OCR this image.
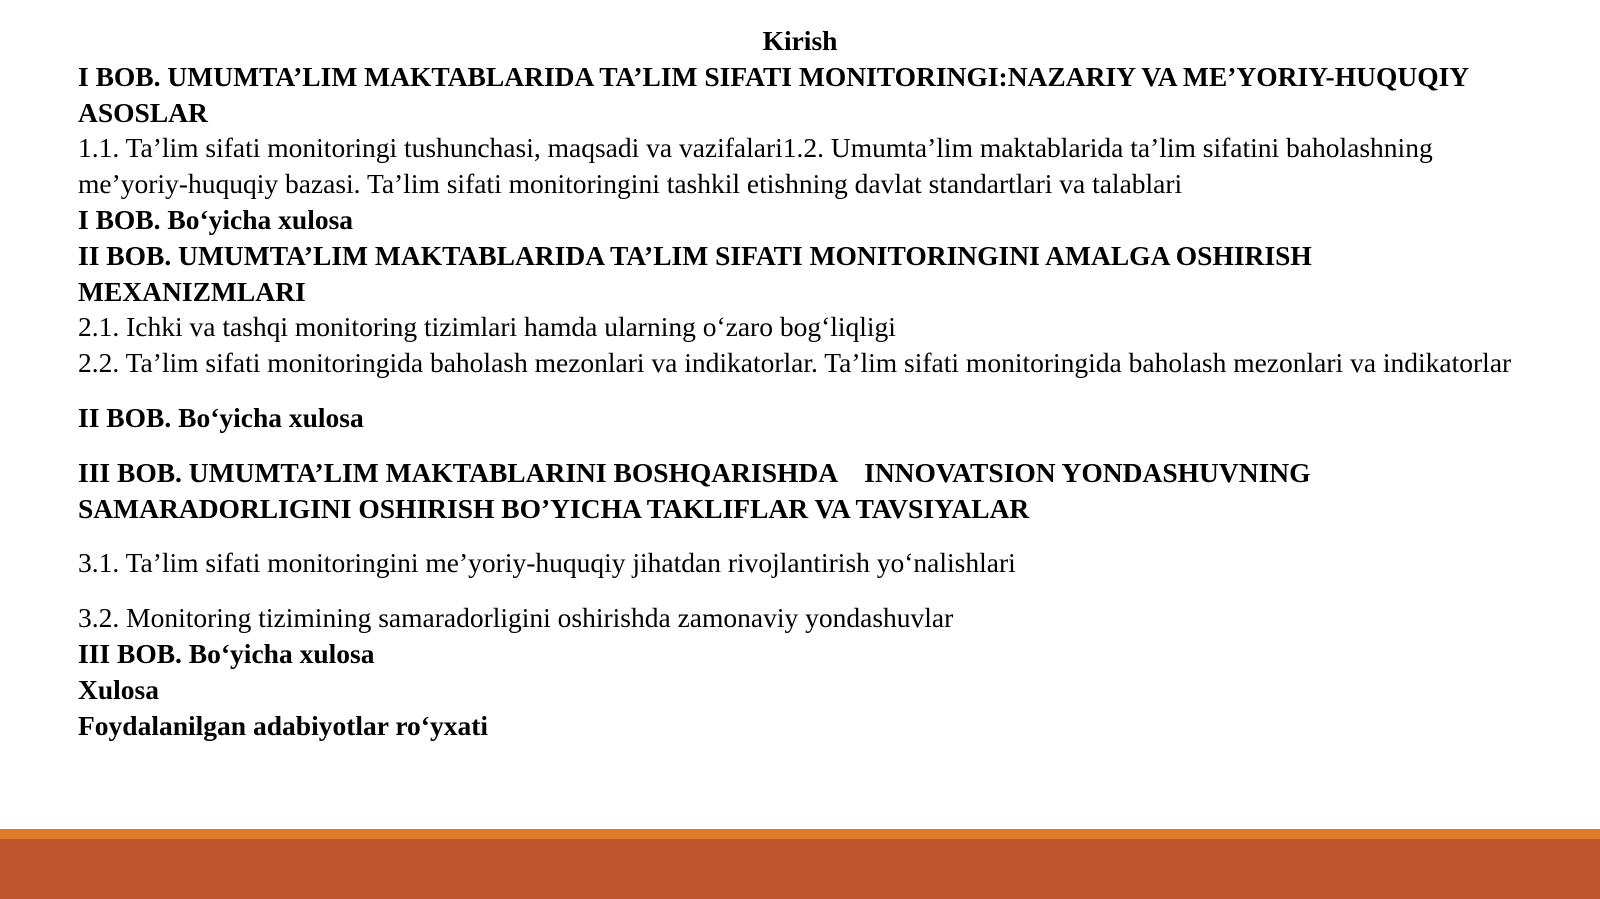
Kirish
I BOB. UMUMTA’LIM MAKTABLARIDA TA’LIM SIFATI MONITORINGI:NAZARIY VA ME’YORIY-HUQUQIY ASOSLAR
1.1. Ta’lim sifati monitoringi tushunchasi, maqsadi va vazifalari1.2. Umumta’lim maktablarida ta’lim sifatini baholashning me’yoriy-huquqiy bazasi. Ta’lim sifati monitoringini tashkil etishning davlat standartlari va talablari
I BOB. Bo‘yicha xulosa
II BOB. UMUMTA’LIM MAKTABLARIDA TA’LIM SIFATI MONITORINGINI AMALGA OSHIRISH MEXANIZMLARI
2.1. Ichki va tashqi monitoring tizimlari hamda ularning o‘zaro bog‘liqligi
2.2. Ta’lim sifati monitoringida baholash mezonlari va indikatorlar. Ta’lim sifati monitoringida baholash mezonlari va indikatorlar
II BOB. Bo‘yicha xulosa
III BOB. UMUMTA’LIM MAKTABLARINI BOSHQARISHDA    INNOVATSION YONDASHUVNING SAMARADORLIGINI OSHIRISH BO’YICHA TAKLIFLAR VA TAVSIYALAR
3.1. Ta’lim sifati monitoringini me’yoriy-huquqiy jihatdan rivojlantirish yo‘nalishlari
3.2. Monitoring tizimining samaradorligini oshirishda zamonaviy yondashuvlar
III BOB. Bo‘yicha xulosa
Xulosa
Foydalanilgan adabiyotlar ro‘yxati
